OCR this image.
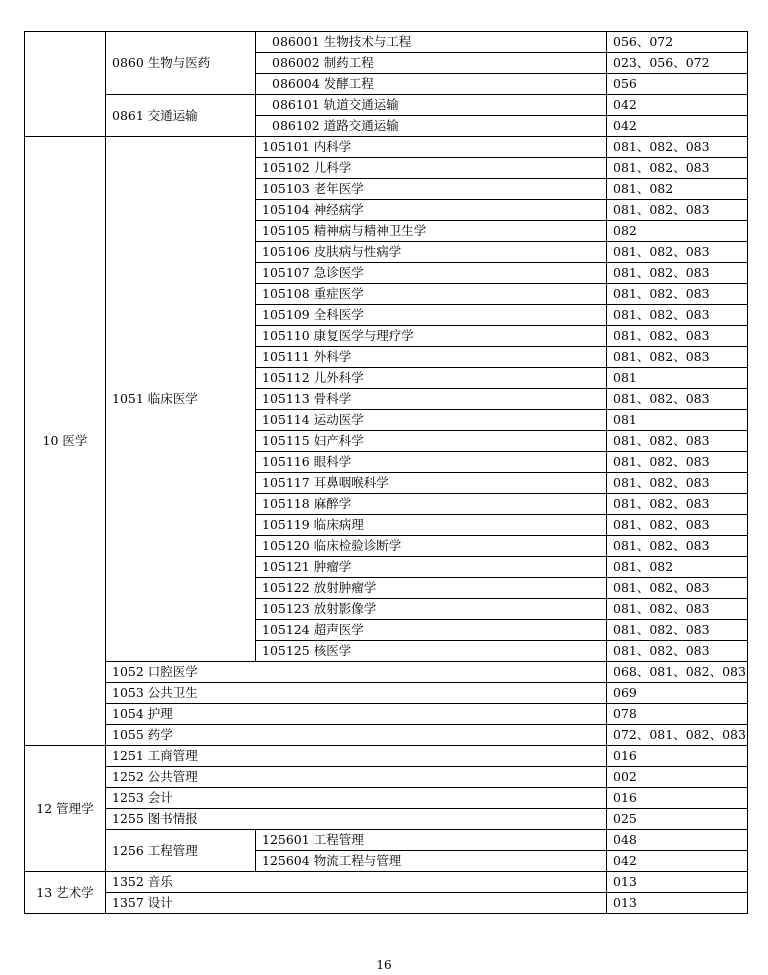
	0860 生物与医药	086001 生物技术与工程	056、072
		086002 制药工程	023、056、072
		086004 发酵工程	056
	0861 交通运输	086101 轨道交通运输	042
		086102 道路交通运输	042
10 医学	1051 临床医学	105101 内科学	081、082、083
		105102 儿科学	081、082、083
		105103 老年医学	081、082
		105104 神经病学	081、082、083
		105105 精神病与精神卫生学	082
		105106 皮肤病与性病学	081、082、083
		105107 急诊医学	081、082、083
		105108 重症医学	081、082、083
		105109 全科医学	081、082、083
		105110 康复医学与理疗学	081、082、083
		105111 外科学	081、082、083
		105112 儿外科学	081
		105113 骨科学	081、082、083
		105114 运动医学	081
		105115 妇产科学	081、082、083
		105116 眼科学	081、082、083
		105117 耳鼻咽喉科学	081、082、083
		105118 麻醉学	081、082、083
		105119 临床病理	081、082、083
		105120 临床检验诊断学	081、082、083
		105121 肿瘤学	081、082
		105122 放射肿瘤学	081、082、083
		105123 放射影像学	081、082、083
		105124 超声医学	081、082、083
		105125 核医学	081、082、083
	1052 口腔医学		068、081、082、083
	1053 公共卫生		069
	1054 护理		078
	1055 药学		072、081、082、083
12 管理学	1251 工商管理		016
	1252 公共管理		002
	1253 会计		016
	1255 图书情报		025
	1256 工程管理	125601 工程管理	048
		125604 物流工程与管理	042
13 艺术学	1352 音乐		013
	1357 设计		013
16
